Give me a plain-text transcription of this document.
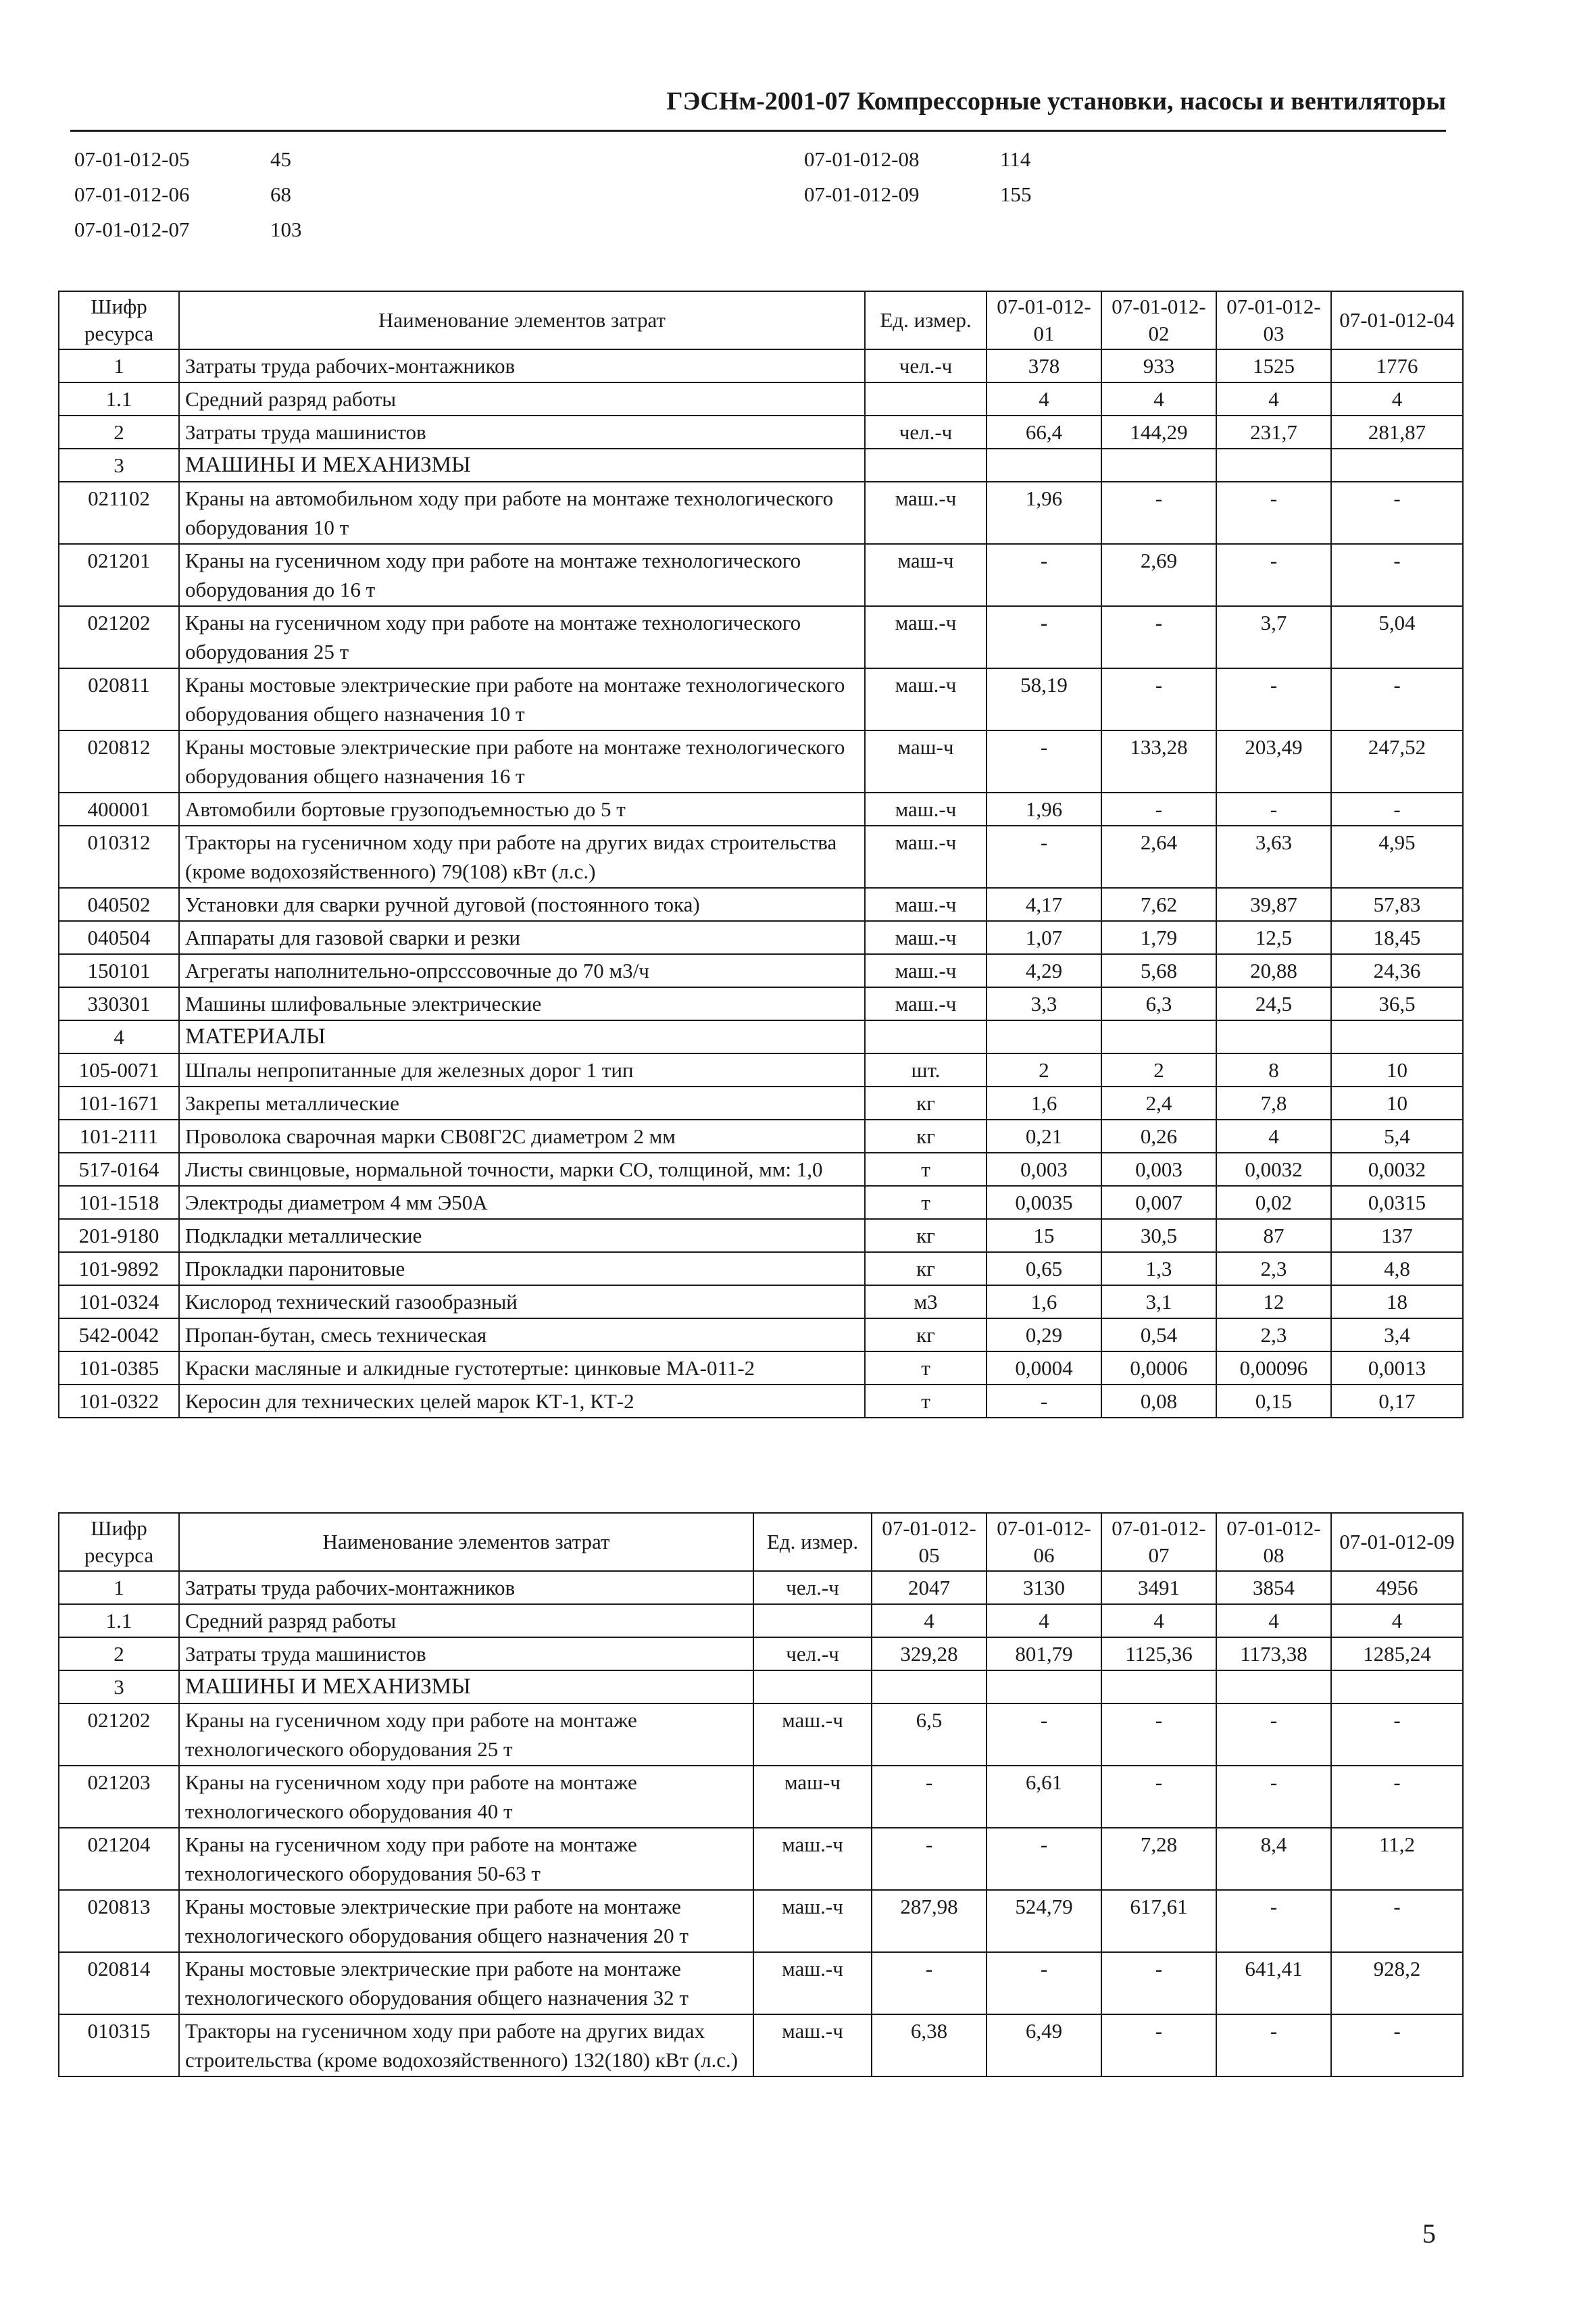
ГЭСНм-2001-07 Компрессорные установки, насосы и вентиляторы
07-01-012-05	45
07-01-012-06	68
07-01-012-07	103
07-01-012-08	114
07-01-012-09	155
Шифр ресурса	Наименование элементов затрат	Ед. измер.	07-01-012-01	07-01-012-02	07-01-012-03	07-01-012-04
1	Затраты труда рабочих-монтажников	чел.-ч	378	933	1525	1776
1.1	Средний разряд работы		4	4	4	4
2	Затраты труда машинистов	чел.-ч	66,4	144,29	231,7	281,87
3	МАШИНЫ И МЕХАНИЗМЫ					
021102	Краны на автомобильном ходу при работе на монтаже технологического оборудования 10 т	маш.-ч	1,96	-	-	-
021201	Краны на гусеничном ходу при работе на монтаже технологического оборудования до 16 т	маш-ч	-	2,69	-	-
021202	Краны на гусеничном ходу при работе на монтаже технологического оборудования 25 т	маш.-ч	-	-	3,7	5,04
020811	Краны мостовые электрические при работе на монтаже технологического оборудования общего назначения 10 т	маш.-ч	58,19	-	-	-
020812	Краны мостовые электрические при работе на монтаже технологического оборудования общего назначения 16 т	маш-ч	-	133,28	203,49	247,52
400001	Автомобили бортовые грузоподъемностью до 5 т	маш.-ч	1,96	-	-	-
010312	Тракторы на гусеничном ходу при работе на других видах строительства (кроме водохозяйственного) 79(108) кВт (л.с.)	маш.-ч	-	2,64	3,63	4,95
040502	Установки для сварки ручной дуговой (постоянного тока)	маш.-ч	4,17	7,62	39,87	57,83
040504	Аппараты для газовой сварки и резки	маш.-ч	1,07	1,79	12,5	18,45
150101	Агрегаты наполнительно-опрсссовочные до 70 м3/ч	маш.-ч	4,29	5,68	20,88	24,36
330301	Машины шлифовальные электрические	маш.-ч	3,3	6,3	24,5	36,5
4	МАТЕРИАЛЫ					
105-0071	Шпалы непропитанные для железных дорог 1 тип	шт.	2	2	8	10
101-1671	Закрепы металлические	кг	1,6	2,4	7,8	10
101-2111	Проволока сварочная марки СВ08Г2С диаметром 2 мм	кг	0,21	0,26	4	5,4
517-0164	Листы свинцовые, нормальной точности, марки СО, толщиной, мм: 1,0	т	0,003	0,003	0,0032	0,0032
101-1518	Электроды диаметром 4 мм Э50А	т	0,0035	0,007	0,02	0,0315
201-9180	Подкладки металлические	кг	15	30,5	87	137
101-9892	Прокладки паронитовые	кг	0,65	1,3	2,3	4,8
101-0324	Кислород технический газообразный	м3	1,6	3,1	12	18
542-0042	Пропан-бутан, смесь техническая	кг	0,29	0,54	2,3	3,4
101-0385	Краски масляные и алкидные густотертые: цинковые МА-011-2	т	0,0004	0,0006	0,00096	0,0013
101-0322	Керосин для технических целей марок КТ-1, КТ-2	т	-	0,08	0,15	0,17
Шифр ресурса	Наименование элементов затрат	Ед. измер.	07-01-012-05	07-01-012-06	07-01-012-07	07-01-012-08	07-01-012-09
1	Затраты труда рабочих-монтажников	чел.-ч	2047	3130	3491	3854	4956
1.1	Средний разряд работы		4	4	4	4	4
2	Затраты труда машинистов	чел.-ч	329,28	801,79	1125,36	1173,38	1285,24
3	МАШИНЫ И МЕХАНИЗМЫ						
021202	Краны на гусеничном ходу при работе на монтаже технологического оборудования 25 т	маш.-ч	6,5	-	-	-	-
021203	Краны на гусеничном ходу при работе на монтаже технологического оборудования 40 т	маш-ч	-	6,61	-	-	-
021204	Краны на гусеничном ходу при работе на монтаже технологического оборудования 50-63 т	маш.-ч	-	-	7,28	8,4	11,2
020813	Краны мостовые электрические при работе на монтаже технологического оборудования общего назначения 20 т	маш.-ч	287,98	524,79	617,61	-	-
020814	Краны мостовые электрические при работе на монтаже технологического оборудования общего назначения 32 т	маш.-ч	-	-	-	641,41	928,2
010315	Тракторы на гусеничном ходу при работе на других видах строительства (кроме водохозяйственного) 132(180) кВт (л.с.)	маш.-ч	6,38	6,49	-	-	-
5
